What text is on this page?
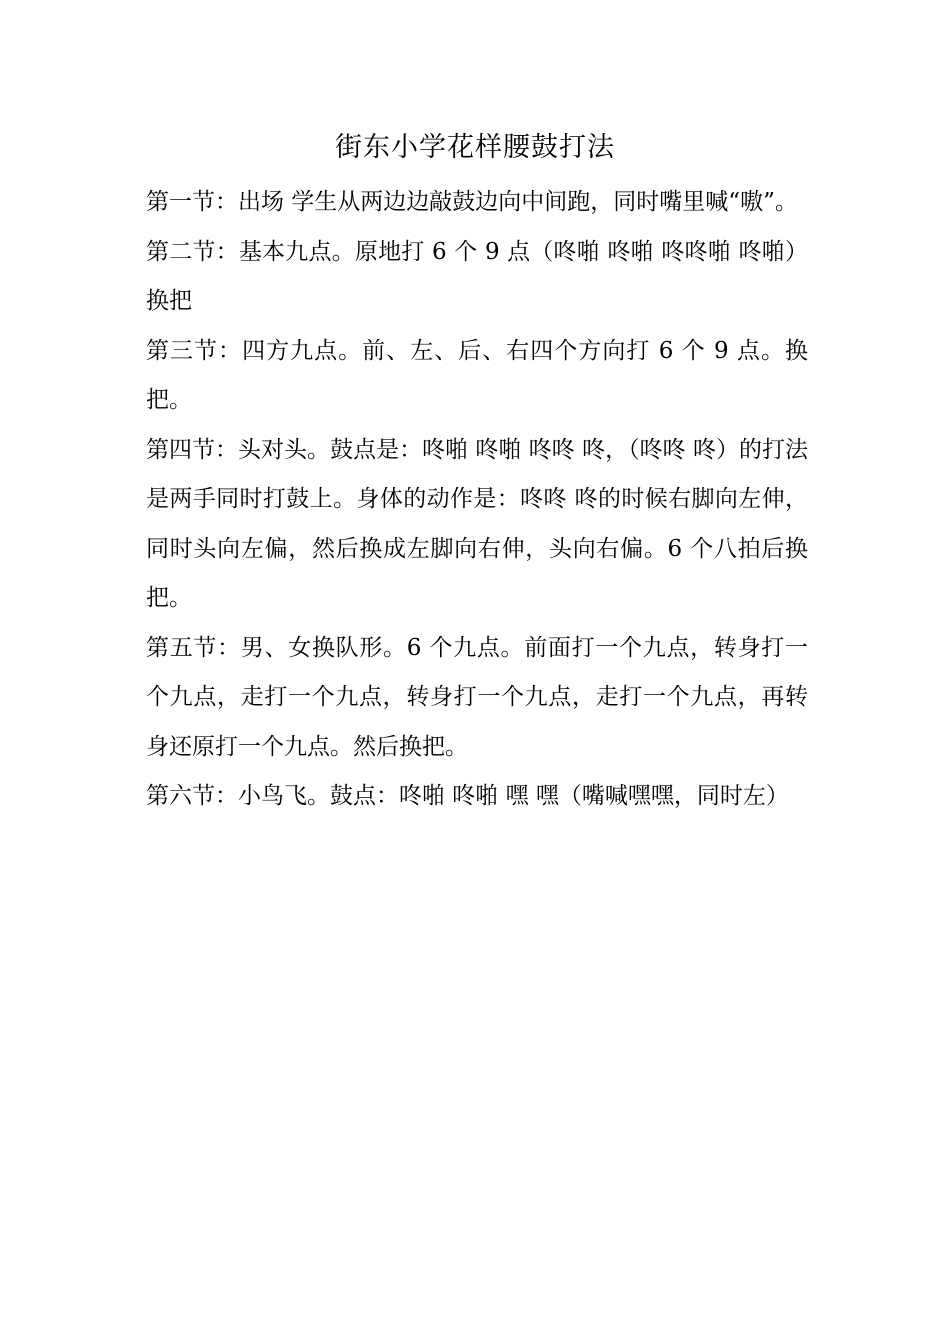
街东小学花样腰鼓打法

第一节：出场 学生从两边边敲鼓边向中间跑，同时嘴里喊“嗷”。

第二节：基本九点。原地打 6 个 9 点（咚啪 咚啪 咚咚啪 咚啪）换把

第三节：四方九点。前、左、后、右四个方向打 6 个 9 点。换把。

第四节：头对头。鼓点是：咚啪 咚啪 咚咚 咚，（咚咚 咚）的打法是两手同时打鼓上。身体的动作是：咚咚 咚的时候右脚向左伸，同时头向左偏，然后换成左脚向右伸，头向右偏。6 个八拍后换把。

第五节：男、女换队形。6 个九点。前面打一个九点，转身打一个九点，走打一个九点，转身打一个九点，走打一个九点，再转身还原打一个九点。然后换把。

第六节：小鸟飞。鼓点：咚啪 咚啪 嘿 嘿（嘴喊嘿嘿，同时左）
